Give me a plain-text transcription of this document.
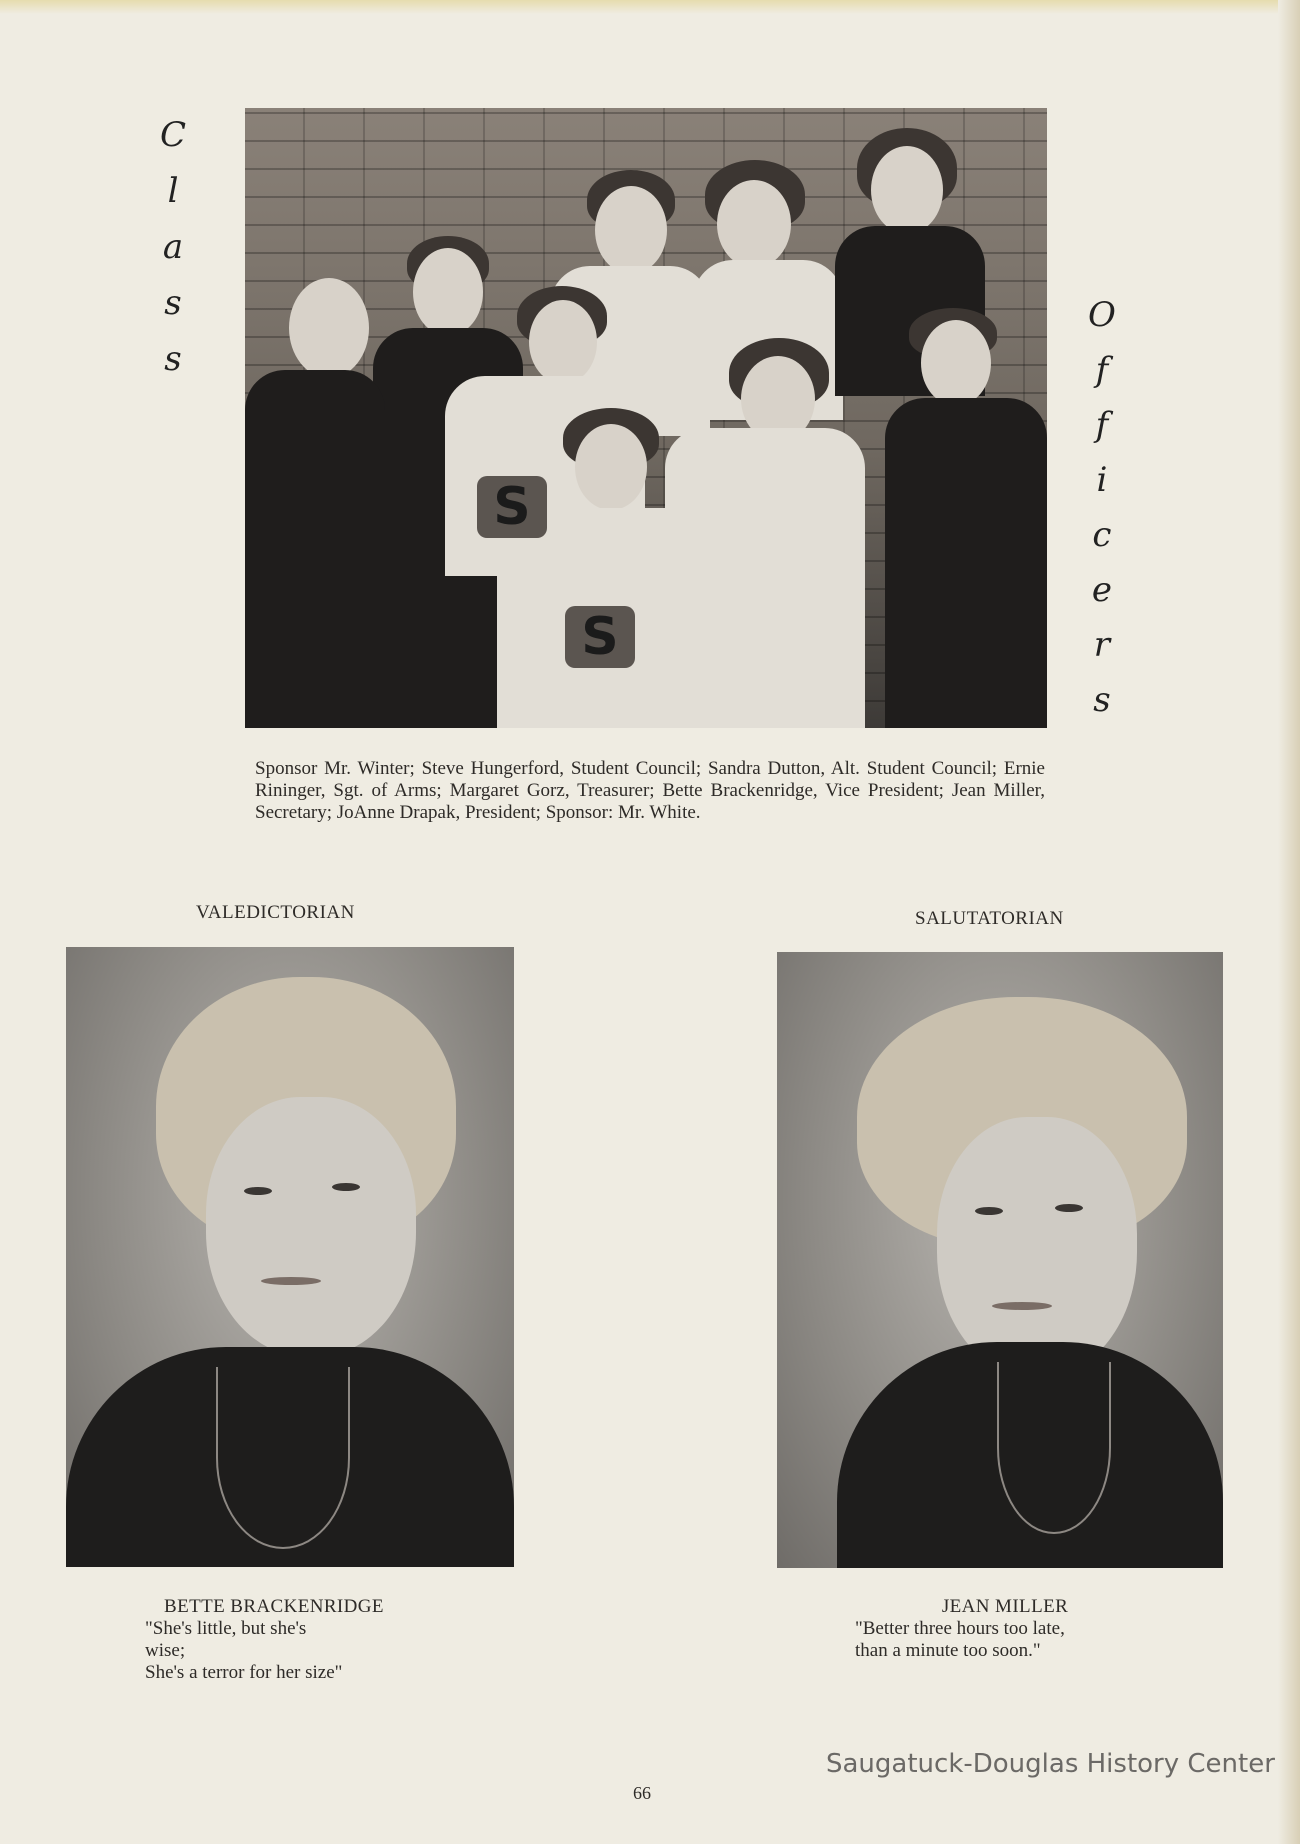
C
l
a
s
s
O
f
f
i
c
e
r
s
S
S
Sponsor Mr. Winter; Steve Hungerford, Student Council; Sandra Dutton, Alt. Student Council; Ernie Rininger, Sgt. of Arms; Margaret Gorz, Treasurer; Bette Brackenridge, Vice President; Jean Miller, Secretary; JoAnne Drapak, President; Sponsor: Mr. White.
VALEDICTORIAN	SALUTATORIAN
BETTE BRACKENRIDGE
"She's little, but she's
wise;
She's a terror for her size"
JEAN MILLER
"Better three hours too late,
than a minute too soon."
Saugatuck-Douglas History Center
66
